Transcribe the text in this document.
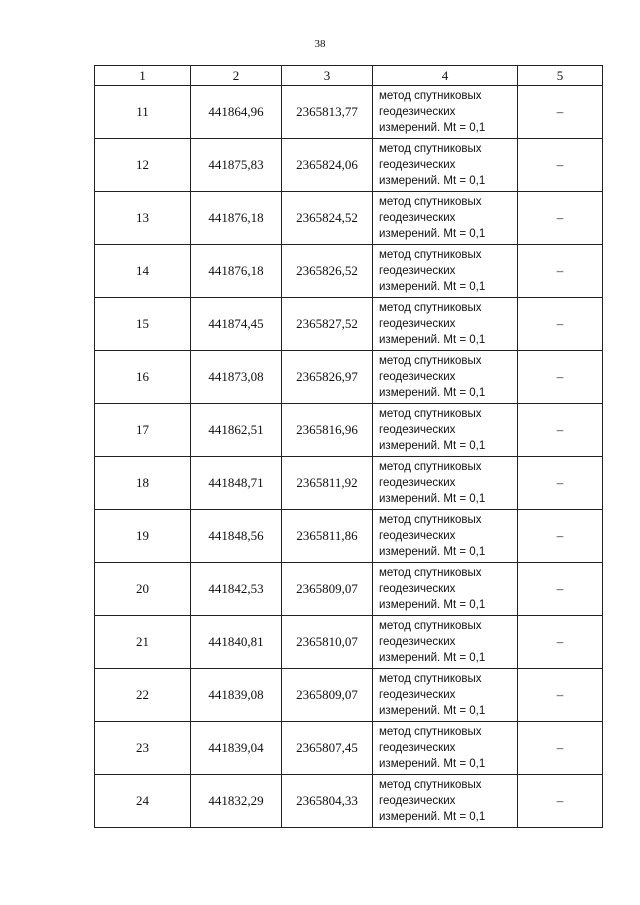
38
1	2	3	4	5
11	441864,96	2365813,77	метод спутниковых
геодезических
измерений. Mt = 0,1	–
12	441875,83	2365824,06	метод спутниковых
геодезических
измерений. Mt = 0,1	–
13	441876,18	2365824,52	метод спутниковых
геодезических
измерений. Mt = 0,1	–
14	441876,18	2365826,52	метод спутниковых
геодезических
измерений. Mt = 0,1	–
15	441874,45	2365827,52	метод спутниковых
геодезических
измерений. Mt = 0,1	–
16	441873,08	2365826,97	метод спутниковых
геодезических
измерений. Mt = 0,1	–
17	441862,51	2365816,96	метод спутниковых
геодезических
измерений. Mt = 0,1	–
18	441848,71	2365811,92	метод спутниковых
геодезических
измерений. Mt = 0,1	–
19	441848,56	2365811,86	метод спутниковых
геодезических
измерений. Mt = 0,1	–
20	441842,53	2365809,07	метод спутниковых
геодезических
измерений. Mt = 0,1	–
21	441840,81	2365810,07	метод спутниковых
геодезических
измерений. Mt = 0,1	–
22	441839,08	2365809,07	метод спутниковых
геодезических
измерений. Mt = 0,1	–
23	441839,04	2365807,45	метод спутниковых
геодезических
измерений. Mt = 0,1	–
24	441832,29	2365804,33	метод спутниковых
геодезических
измерений. Mt = 0,1	–
